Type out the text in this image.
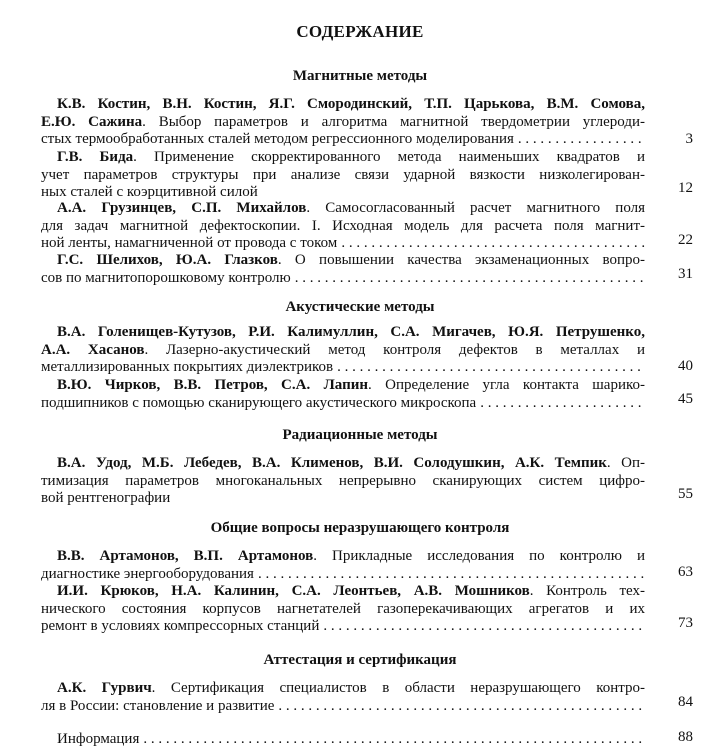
СОДЕРЖАНИЕ
Магнитные методы
К.В. Костин, В.Н. Костин, Я.Г. Смородинский, Т.П. Царькова, В.М. Сомова,
Е.Ю. Сажина. Выбор параметров и алгоритма магнитной твердометрии углероди-
стых термообработанных сталей методом регрессионного моделирования . . .	3
Г.В. Бида. Применение скорректированного метода наименьших квадратов и
учет параметров структуры при анализе связи ударной вязкости низколегирован-
ных сталей с коэрцитивной силой	12
А.А. Грузинцев, С.П. Михайлов. Самосогласованный расчет магнитного поля
для задач магнитной дефектоскопии. I. Исходная модель для расчета поля магнит-
ной ленты, намагниченной от провода с током . . .	22
Г.С. Шелихов, Ю.А. Глазков. О повышении качества экзаменационных вопро-
сов по магнитопорошковому контролю . . .	31
Акустические методы
В.А. Голенищев-Кутузов, Р.И. Калимуллин, С.А. Мигачев, Ю.Я. Петрушенко,
А.А. Хасанов. Лазерно-акустический метод контроля дефектов в металлах и
металлизированных покрытиях диэлектриков . . .	40
В.Ю. Чирков, В.В. Петров, С.А. Лапин. Определение угла контакта шарико-
подшипников с помощью сканирующего акустического микроскопа . . .	45
Радиационные методы
В.А. Удод, М.Б. Лебедев, В.А. Клименов, В.И. Солодушкин, А.К. Темпик. Оп-
тимизация параметров многоканальных непрерывно сканирующих систем цифро-
вой рентгенографии	55
Общие вопросы неразрушающего контроля
В.В. Артамонов, В.П. Артамонов. Прикладные исследования по контролю и
диагностике энергооборудования . . .	63
И.И. Крюков, Н.А. Калинин, С.А. Леонтьев, А.В. Мошников. Контроль тех-
нического состояния корпусов нагнетателей газоперекачивающих агрегатов и их
ремонт в условиях компрессорных станций . . .	73
Аттестация и сертификация
А.К. Гурвич. Сертификация специалистов в области неразрушающего контро-
ля в России: становление и развитие . . .	84
Информация . . .	88
